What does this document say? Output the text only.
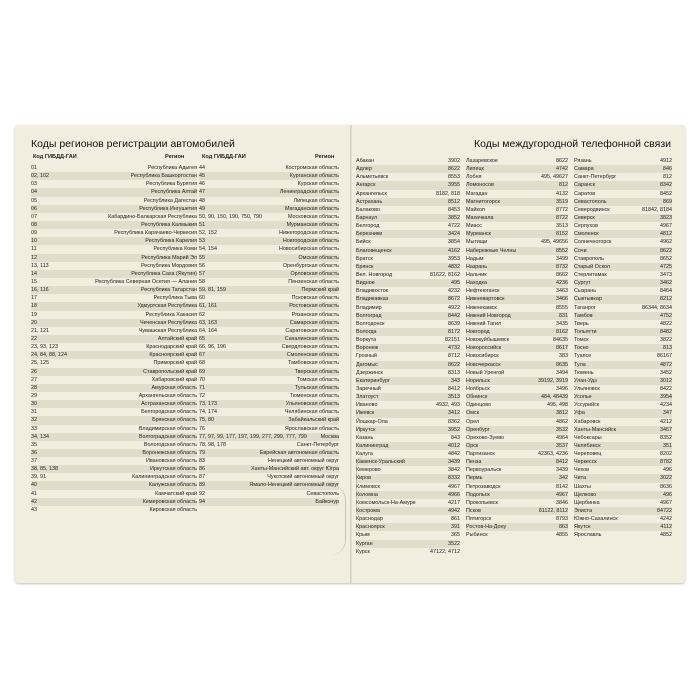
Коды регионов регистрации автомобилей
Код ГИБДД-ГАИ	Регион	Код ГИБДД-ГАИ	Регион
01	Республика Адыгея
02, 102	Республика Башкортостан
03	Республика Бурятия
04	Республика Алтай
05	Республика Дагестан
06	Республика Ингушетия
07	Кабардино-Балкарская Республика
08	Республика Калмыкия
09	Республика Карачаево-Черкесия
10	Республика Карелия
11	Республика Коми
12	Республика Марий Эл
13, 113	Республика Мордовия
14	Республика Саха (Якутия)
15	Республика Северная Осетия — Алания
16, 116	Республика Татарстан
17	Республика Тыва
18	Удмуртская Республика
19	Республика Хакасия
20	Чеченская Республика
21, 121	Чувашская Республика
22	Алтайский край
23, 93, 123	Краснодарский край
24, 84, 88, 124	Красноярский край
25, 125	Приморский край
26	Ставропольский край
27	Хабаровский край
28	Амурская область
29	Архангельская область
30	Астраханская область
31	Белгородская область
32	Брянская область
33	Владимирская область
34, 134	Волгоградская область
35	Вологодская область
36	Воронежская область
37	Ивановская область
38, 85, 138	Иркутская область
39, 91	Калининградская область
40	Калужская область
41	Камчатский край
42	Кемеровская область
43	Кировская область
44	Костромская область
45	Курганская область
46	Курская область
47	Ленинградская область
48	Липецкая область
49	Магаданская область
50, 90, 150, 190, 750, 790	Московская область
51	Мурманская область
52, 152	Нижегородская область
53	Новгородская область
54, 154	Новосибирская область
55	Омская область
56	Оренбургская область
57	Орловская область
58	Пензенская область
59, 81, 159	Пермский край
60	Псковская область
61, 161	Ростовская область
62	Рязанская область
63, 163	Самарская область
64, 164	Саратовская область
65	Сахалинская область
66, 96, 196	Свердловская область
67	Смоленская область
68	Тамбовская область
69	Тверская область
70	Томская область
71	Тульская область
72	Тюменская область
73, 173	Ульяновская область
74, 174	Челябинская область
75, 80	Забайкальский край
76	Ярославская область
77, 97, 99, 177, 197, 199, 277, 299, 777, 799	Москва
78, 98, 178	Санкт-Петербург
79	Еврейская автономная область
83	Ненецкий автономный округ
86	Ханты-Мансийский авт. округ Югра
87	Чукотский автономный округ
89	Ямало-Ненецкий автономный округ
92	Севастополь
94	Байконур
Коды междугородной телефонной связи
Абакан	3902
Адлер	8622
Альметьевск	8553
Ангарск	3955
Архангельск	8182, 818
Астрахань	8512
Балаково	8453
Барнаул	3852
Белгород	4722
Березники	3424
Бийск	3854
Благовещенск	4162
Братск	3953
Брянск	4832
Вел. Новгород	81622, 8162
Видное	495
Владивосток	4232
Владикавказ	8672
Владимир	4922
Волгоград	8442
Волгодонск	8639
Вологда	8172
Воркута	82151
Воронеж	4732
Грозный	8712
Дагомыс	8622
Дзержинск	8313
Екатеринбург	343
Заречный	8412
Златоуст	3513
Иваново	4932, 493
Ижевск	3412
Йошкар-Ола	8362
Иркутск	3952
Казань	843
Калининград	4012
Калуга	4842
Каменск-Уральский	3439
Кемерово	3842
Киров	8332
Климовск	4967
Коломна	4966
Комсомольск-На-Амуре	4217
Кострома	4942
Краснодар	861
Красноярск	391
Крым	365
Курган	3522
Курск	47122, 4712
Лазаревское	8622
Липецк	4742
Лобня	495, 49627
Ломоносов	812
Магадан	4132
Магнитогорск	3519
Майкоп	8772
Махачкала	8722
Миасс	3513
Мурманск	8152
Мытищи	495, 49656
Набережные Челны	8552
Надым	3499
Назрань	8732
Нальчик	8662
Находка	4236
Нефтеюганск	3463
Нижневартовск	3466
Нижнекамск	8555
Нижний Новгород	831
Нижний Тагил	3435
Новгород	8162
Новокуйбышевск	84635
Новороссийск	8617
Новосибирск	383
Новочеркасск	8635
Новый Уренгой	3494
Норильск	39192, 3919
Ноябрьск	3496
Обнинск	484, 48439
Одинцово	495, 498
Омск	3812
Орел	4862
Оренбург	3532
Орехово-Зуево	4964
Орск	3537
Партизанск	42363, 4236
Пенза	8412
Первоуральск	3439
Пермь	342
Петрозаводск	8142
Подольск	4967
Прокопьевск	3846
Псков	81122, 8112
Пятигорск	8793
Ростов-На-Дону	863
Рыбинск	4855
Рязань	4912
Самара	846
Санкт-Петербург	812
Саранск	8342
Саратов	8452
Севастополь	869
Северодвинск	81842, 8184
Северск	3823
Серпухов	4967
Смоленск	4812
Солнечногорск	4962
Сочи	8622
Ставрополь	8652
Старый Оскол	4725
Стерлитамак	3473
Сургут	3462
Сызрань	8464
Сыктывкар	8212
Таганрог	86344, 8634
Тамбов	4752
Тверь	4822
Тольятти	8482
Томск	3822
Тосно	813
Туапсе	86167
Тула	4872
Тюмень	3452
Улан-Удэ	3012
Ульяновск	8422
Усолье	3954
Уссурийск	4234
Уфа	347
Хабаровск	4212
Ханты-Мансийск	3467
Чебоксары	8352
Челябинск	351
Череповец	8202
Черкесск	8782
Чехов	496
Чита	3022
Шахты	8636
Щелково	496
Щербинка	4967
Элиста	84722
Южно-Сахалинск	4242
Якутск	4112
Ярославль	4852
